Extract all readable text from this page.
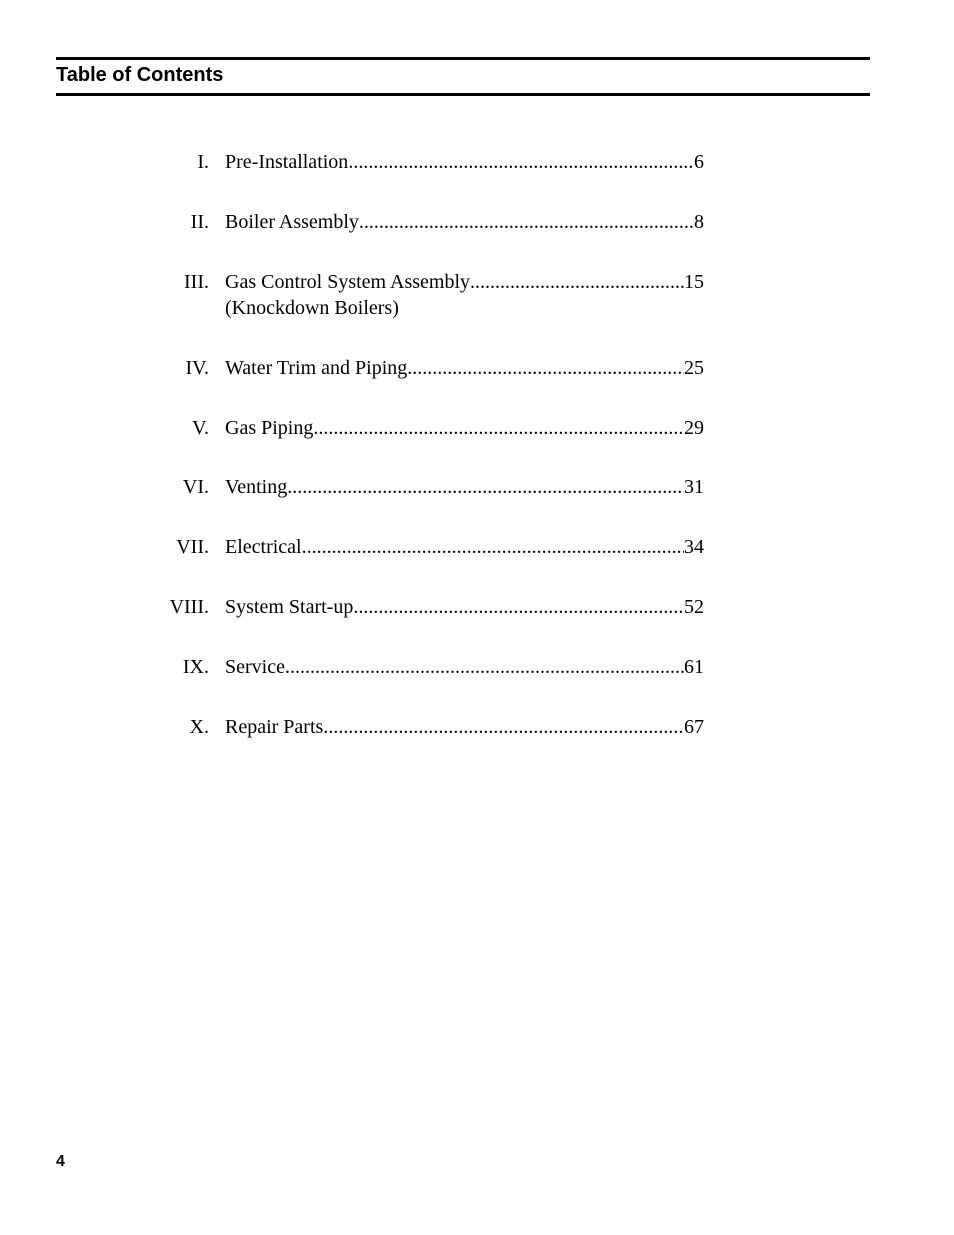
Table of Contents
I. Pre-Installation .....	6
II. Boiler Assembly .....	8
III. Gas Control System Assembly .....	15
(Knockdown Boilers)
IV. Water Trim and Piping .....	25
V. Gas Piping .....	29
VI. Venting .....	31
VII. Electrical .....	34
VIII. System Start-up .....	52
IX. Service .....	61
X. Repair Parts .....	67
4
